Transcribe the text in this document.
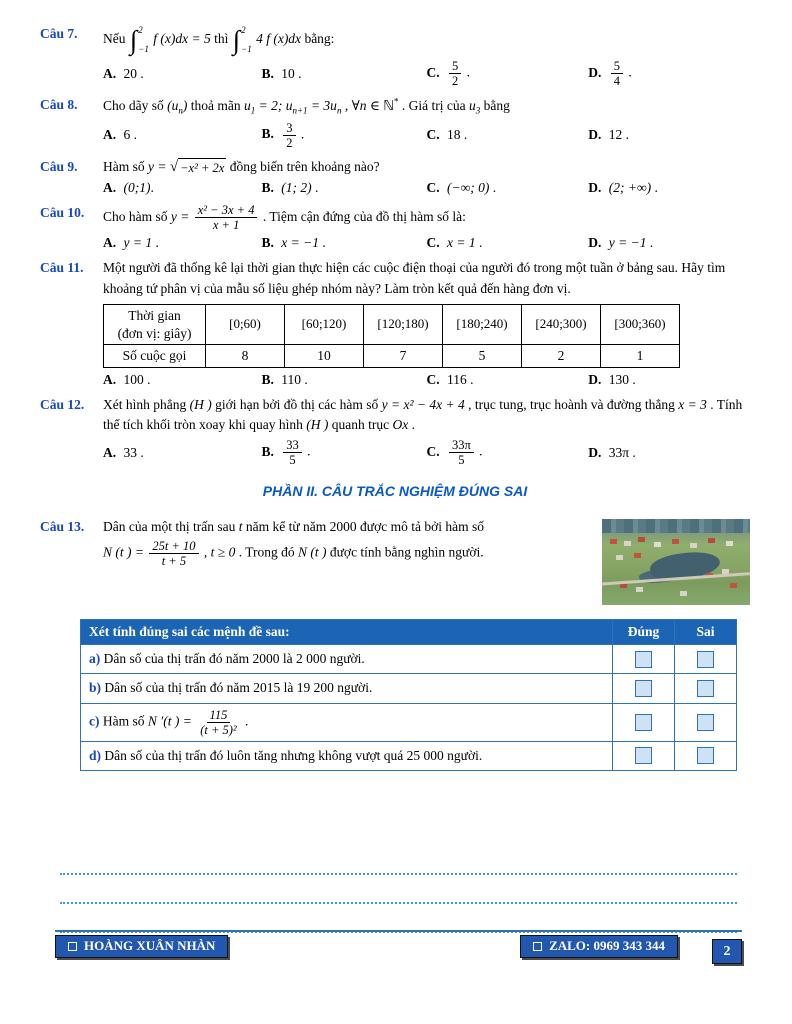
Câu 7. Nếu ∫ 2
−1
f (x)dx = 5 thì ∫ 2
−1
4 f (x)dx bằng:
A. 20 .	B. 10 .	C. $\frac{5}{2}$ .	D. $\frac{5}{4}$ .
Câu 8. Cho dãy số $(u_n)$ thoả mãn $u_1 = 2$; $u_{n+1} = 3u_n$ , ∀n ∈ ℕ* . Giá trị của $u_3$ bằng
A. 6 .	B. $\frac{3}{2}$ .	C. 18 .	D. 12 .
Câu 9. Hàm số y = √ −x² + 2x đồng biến trên khoảng nào?
A. (0;1).	B. (1; 2) .	C. (−∞; 0) .	D. (2; +∞) .
Câu 10. Cho hàm số $y = \frac{\text{x² − 3x + 4}}{x + 1}$ . Tiệm cận đứng của đồ thị hàm số là:
A. y = 1 .	B. x = −1 .	C. x = 1 .	D. y = −1 .
Câu 11. Một người đã thống kê lại thời gian thực hiện các cuộc điện thoại của người đó trong một tuần ở bảng sau. Hãy tìm khoảng tứ phân vị của mẫu số liệu ghép nhóm này? Làm tròn kết quả đến hàng đơn vị.
Thời gian
(đơn vị: giây)	[0;60)	[60;120)	[120;180)	[180;240)	[240;300)	[300;360)
Số cuộc gọi	8	10	7	5	2	1
A. 100 .	B. 110 .	C. 116 .	D. 130 .
Câu 12. Xét hình phẳng (H ) giới hạn bởi đồ thị các hàm số y = x² − 4x + 4 , trục tung, trục hoành và đường thẳng x = 3 . Tính thể tích khối tròn xoay khi quay hình (H ) quanh trục Ox .
A. 33 .	B. $\frac{33}{5}$ .	C. $\frac{33\pi}{5}$ .	D. 33π .
PHẦN II. CÂU TRẮC NGHIỆM ĐÚNG SAI
Câu 13. Dân của một thị trấn sau t năm kể từ năm 2000 được mô tả bởi hàm số
N (t ) = $\frac{25t + 10}{t + 5}$ , t ≥ 0 . Trong đó N (t ) được tính bằng nghìn người.
Xét tính đúng sai các mệnh đề sau:	Đúng	Sai
a) Dân số của thị trấn đó năm 2000 là 2 000 người.		
b) Dân số của thị trấn đó năm 2015 là 19 200 người.		
c) Hàm số N ′(t ) = $\frac{115}{\text{(t + 5)²}}$ .		
d) Dân số của thị trấn đó luôn tăng nhưng không vượt quá 25 000 người.		
HOÀNG XUÂN NHÀN	ZALO: 0969 343 344	2
